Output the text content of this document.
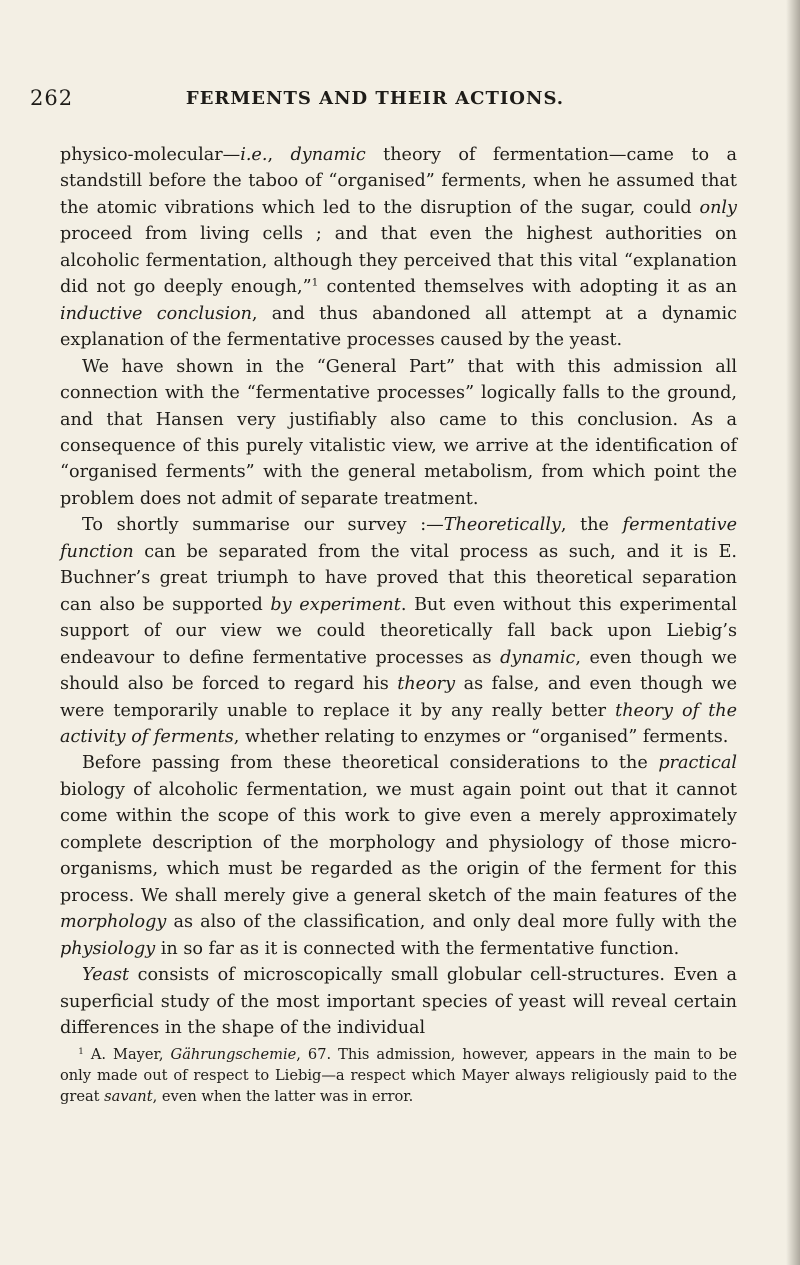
262	FERMENTS AND THEIR ACTIONS.

physico-molecular—i.e., dynamic theory of fermentation—came to a standstill before the taboo of “organised” ferments, when he assumed that the atomic vibrations which led to the disruption of the sugar, could only proceed from living cells ; and that even the highest authorities on alcoholic fermentation, although they perceived that this vital “explanation did not go deeply enough,”$^1$ contented themselves with adopting it as an inductive conclusion, and thus abandoned all attempt at a dynamic explanation of the fermentative processes caused by the yeast.

We have shown in the “General Part” that with this admission all connection with the “fermentative processes” logically falls to the ground, and that Hansen very justifiably also came to this conclusion. As a consequence of this purely vitalistic view, we arrive at the identification of “organised ferments” with the general metabolism, from which point the problem does not admit of separate treatment.

To shortly summarise our survey :—Theoretically, the fermentative function can be separated from the vital process as such, and it is E. Buchner’s great triumph to have proved that this theoretical separation can also be supported by experiment. But even without this experimental support of our view we could theoretically fall back upon Liebig’s endeavour to define fermentative processes as dynamic, even though we should also be forced to regard his theory as false, and even though we were temporarily unable to replace it by any really better theory of the activity of ferments, whether relating to enzymes or “organised” ferments.

Before passing from these theoretical considerations to the practical biology of alcoholic fermentation, we must again point out that it cannot come within the scope of this work to give even a merely approximately complete description of the morphology and physiology of those micro-organisms, which must be regarded as the origin of the ferment for this process. We shall merely give a general sketch of the main features of the morphology as also of the classification, and only deal more fully with the physiology in so far as it is connected with the fermentative function.

Yeast consists of microscopically small globular cell-structures. Even a superficial study of the most important species of yeast will reveal certain differences in the shape of the individual

$^1$ A. Mayer, Gährungschemie, 67. This admission, however, appears in the main to be only made out of respect to Liebig—a respect which Mayer always religiously paid to the great savant, even when the latter was in error.
